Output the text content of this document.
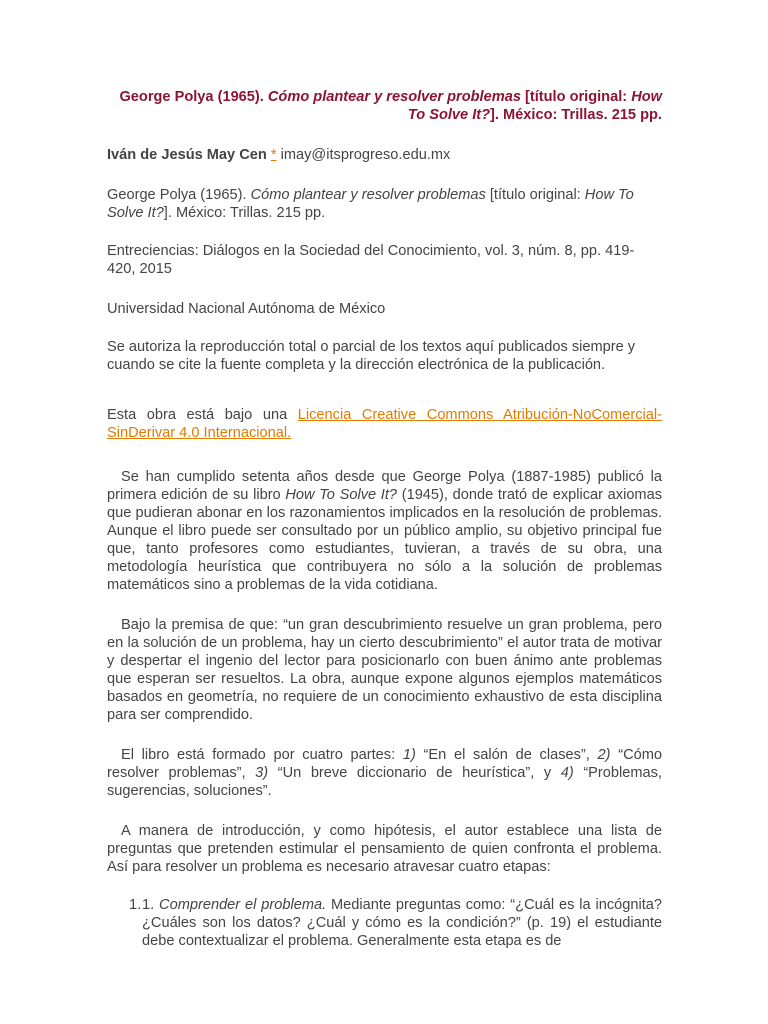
George Polya (1965). Cómo plantear y resolver problemas [título original: How To Solve It?]. México: Trillas. 215 pp.

Iván de Jesús May Cen * imay@itsprogreso.edu.mx

George Polya (1965). Cómo plantear y resolver problemas [título original: How To Solve It?]. México: Trillas. 215 pp.

Entreciencias: Diálogos en la Sociedad del Conocimiento, vol. 3, núm. 8, pp. 419-420, 2015

Universidad Nacional Autónoma de México

Se autoriza la reproducción total o parcial de los textos aquí publicados siempre y cuando se cite la fuente completa y la dirección electrónica de la publicación.

Esta obra está bajo una Licencia Creative Commons Atribución-NoComercial-SinDerivar 4.0 Internacional.

Se han cumplido setenta años desde que George Polya (1887-1985) publicó la primera edición de su libro How To Solve It? (1945), donde trató de explicar axiomas que pudieran abonar en los razonamientos implicados en la resolución de problemas. Aunque el libro puede ser consultado por un público amplio, su objetivo principal fue que, tanto profesores como estudiantes, tuvieran, a través de su obra, una metodología heurística que contribuyera no sólo a la solución de problemas matemáticos sino a problemas de la vida cotidiana.

Bajo la premisa de que: “un gran descubrimiento resuelve un gran problema, pero en la solución de un problema, hay un cierto descubrimiento” el autor trata de motivar y despertar el ingenio del lector para posicionarlo con buen ánimo ante problemas que esperan ser resueltos. La obra, aunque expone algunos ejemplos matemáticos basados en geometría, no requiere de un conocimiento exhaustivo de esta disciplina para ser comprendido.

El libro está formado por cuatro partes: 1) “En el salón de clases”, 2) “Cómo resolver problemas”, 3) “Un breve diccionario de heurística”, y 4) “Problemas, sugerencias, soluciones”.

A manera de introducción, y como hipótesis, el autor establece una lista de preguntas que pretenden estimular el pensamiento de quien confronta el problema. Así para resolver un problema es necesario atravesar cuatro etapas:

1. 1. Comprender el problema. Mediante preguntas como: “¿Cuál es la incógnita? ¿Cuáles son los datos? ¿Cuál y cómo es la condición?” (p. 19) el estudiante debe contextualizar el problema. Generalmente esta etapa es de
